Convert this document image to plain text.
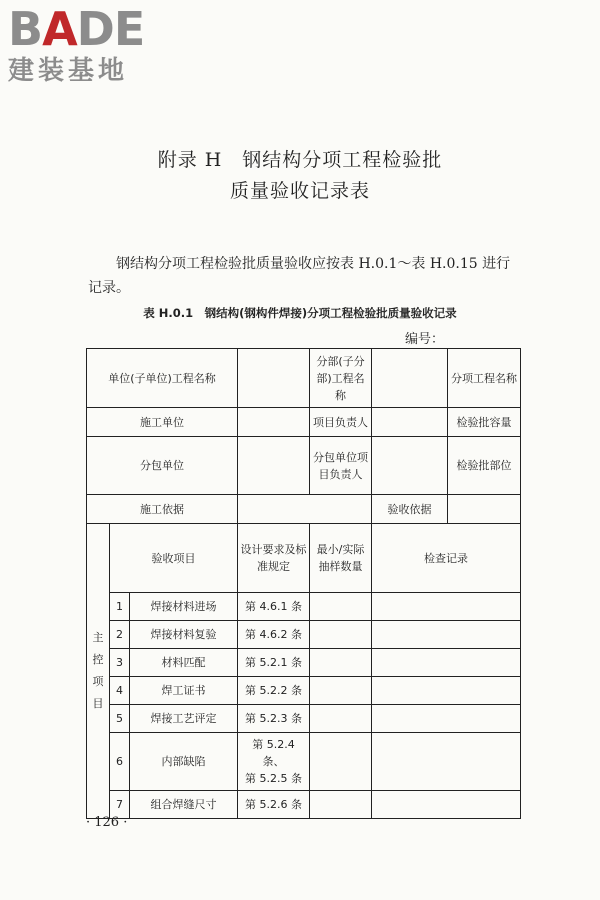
BADE
建装基地
附录 H　钢结构分项工程检验批
质量验收记录表

钢结构分项工程检验批质量验收应按表 H.0.1～表 H.0.15 进行记录。

表 H.0.1　钢结构(钢构件焊接)分项工程检验批质量验收记录
编号：
单位(子单位)工程名称				分部(子分部)工程名称		分项工程名称	
施工单位				项目负责人		检验批容量	
分包单位				分包单位项目负责人		检验批部位	
施工依据					验收依据		

主
控
项
目	验收项目		设计要求及标准规定	最小/实际抽样数量	检查记录	
	1	焊接材料进场	第 4.6.1 条				
	2	焊接材料复验	第 4.6.2 条				
	3	材料匹配	第 5.2.1 条				
	4	焊工证书	第 5.2.2 条				
	5	焊接工艺评定	第 5.2.3 条				
	6	内部缺陷	第 5.2.4 条、
第 5.2.5 条				
	7	组合焊缝尺寸	第 5.2.6 条				
· 126 ·
